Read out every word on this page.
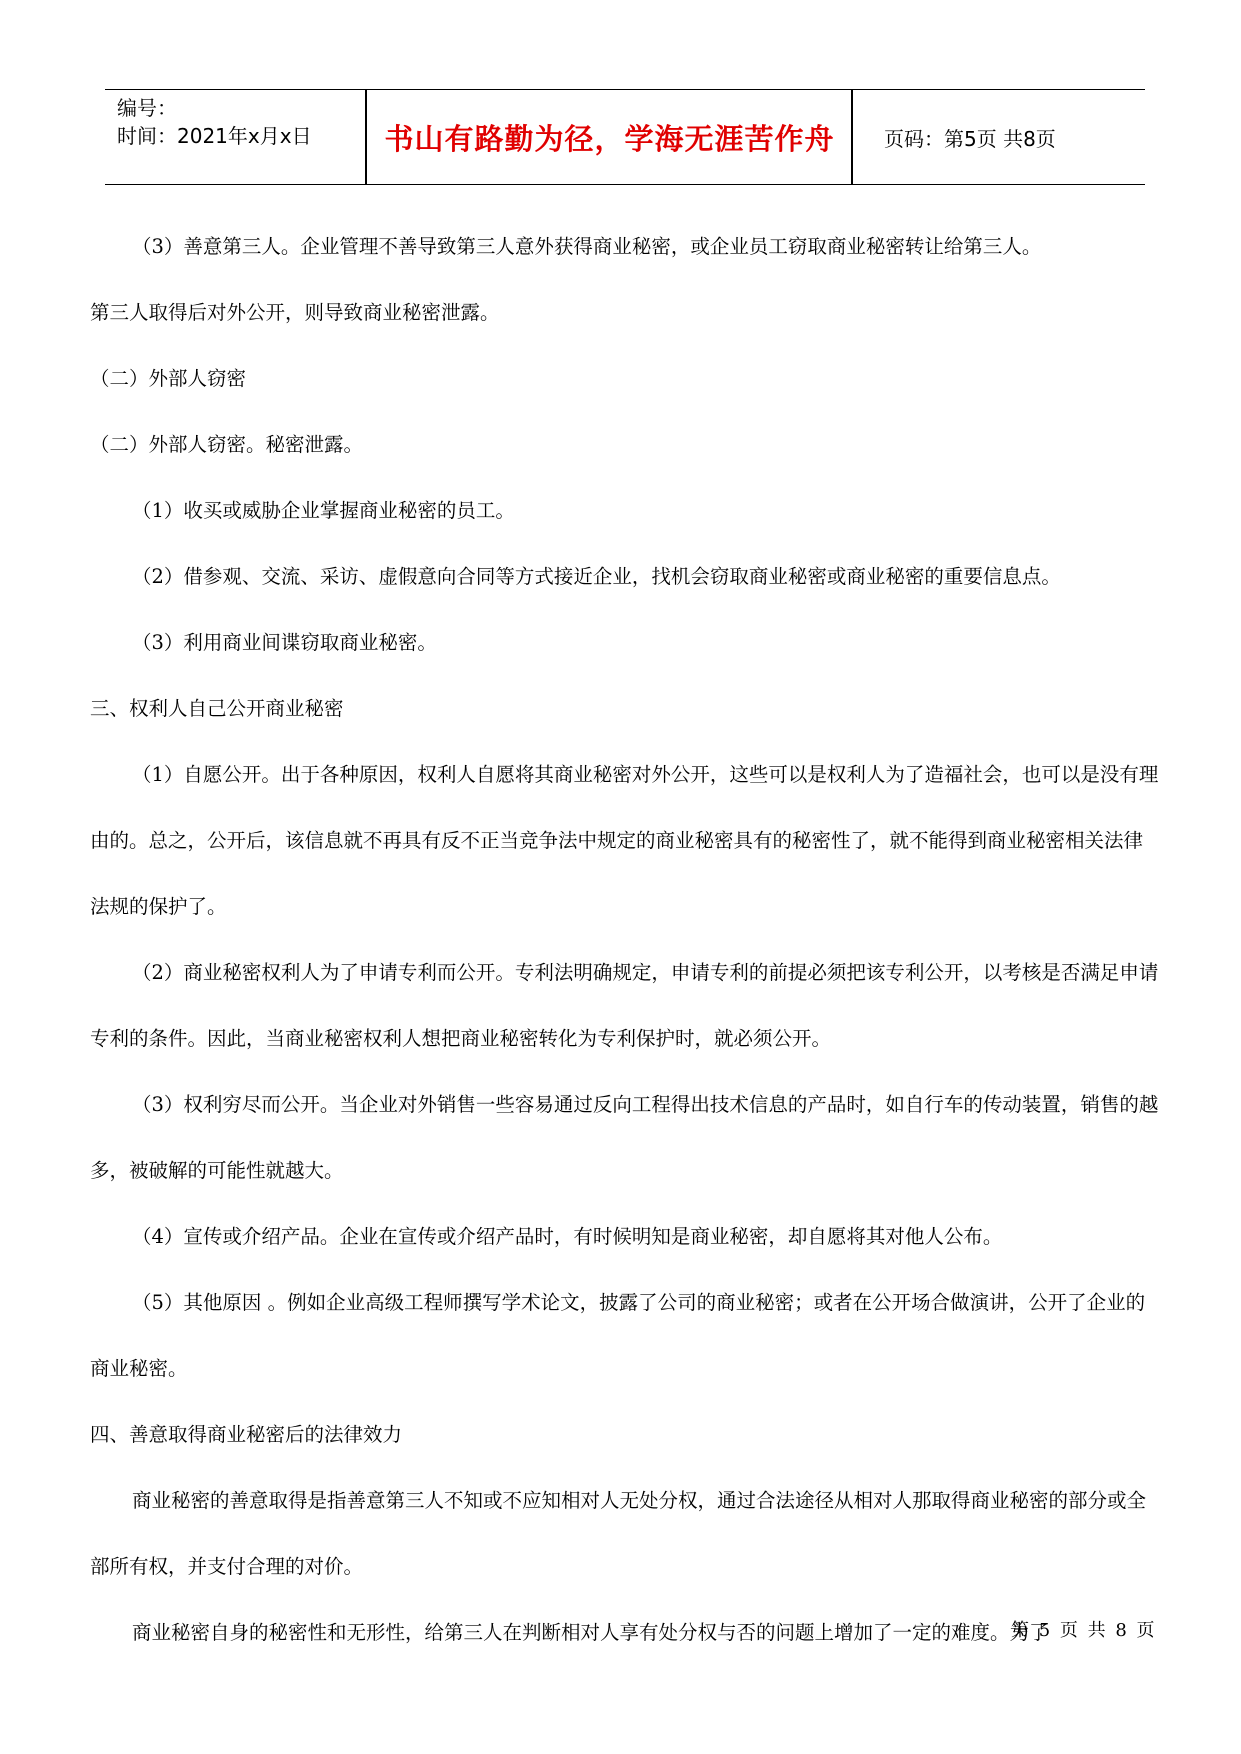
编号：
时间：2021年x月x日	书山有路勤为径，学海无涯苦作舟	页码：第5页 共8页

（3）善意第三人。企业管理不善导致第三人意外获得商业秘密，或企业员工窃取商业秘密转让给第三人。

第三人取得后对外公开，则导致商业秘密泄露。

（二）外部人窃密

（二）外部人窃密。秘密泄露。

（1）收买或威胁企业掌握商业秘密的员工。

（2）借参观、交流、采访、虚假意向合同等方式接近企业，找机会窃取商业秘密或商业秘密的重要信息点。

（3）利用商业间谍窃取商业秘密。

三、权利人自己公开商业秘密

（1）自愿公开。出于各种原因，权利人自愿将其商业秘密对外公开，这些可以是权利人为了造福社会，也可以是没有理由的。总之，公开后，该信息就不再具有反不正当竞争法中规定的商业秘密具有的秘密性了，就不能得到商业秘密相关法律法规的保护了。

（2）商业秘密权利人为了申请专利而公开。专利法明确规定，申请专利的前提必须把该专利公开，以考核是否满足申请专利的条件。因此，当商业秘密权利人想把商业秘密转化为专利保护时，就必须公开。

（3）权利穷尽而公开。当企业对外销售一些容易通过反向工程得出技术信息的产品时，如自行车的传动装置，销售的越多，被破解的可能性就越大。

（4）宣传或介绍产品。企业在宣传或介绍产品时，有时候明知是商业秘密，却自愿将其对他人公布。

（5）其他原因 。例如企业高级工程师撰写学术论文，披露了公司的商业秘密；或者在公开场合做演讲，公开了企业的商业秘密。

四、善意取得商业秘密后的法律效力

商业秘密的善意取得是指善意第三人不知或不应知相对人无处分权，通过合法途径从相对人那取得商业秘密的部分或全部所有权，并支付合理的对价。

商业秘密自身的秘密性和无形性，给第三人在判断相对人享有处分权与否的问题上增加了一定的难度。为了

第 5 页 共 8 页
